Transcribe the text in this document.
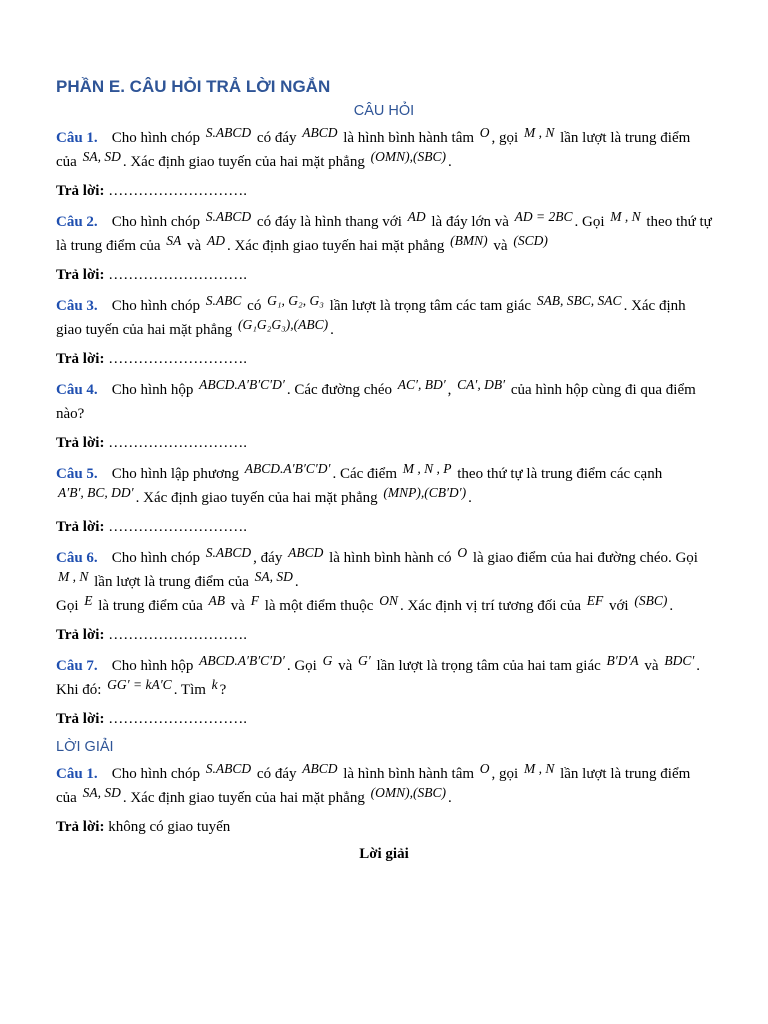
PHẦN E. CÂU HỎI TRẢ LỜI NGẮN

CÂU HỎI

Câu 1. Cho hình chóp S.ABCD có đáy ABCD là hình bình hành tâm O , gọi M , N lần lượt là trung điểm của SA, SD . Xác định giao tuyến của hai mặt phẳng (OMN),(SBC) .

Trả lời: ……………………….

Câu 2. Cho hình chóp S.ABCD có đáy là hình thang với AD là đáy lớn và AD = 2BC . Gọi M , N theo thứ tự là trung điểm của SA và AD . Xác định giao tuyến hai mặt phẳng (BMN) và (SCD)

Trả lời: ……………………….

Câu 3. Cho hình chóp S.ABC có G₁, G₂, G₃ lần lượt là trọng tâm các tam giác SAB, SBC, SAC . Xác định giao tuyến của hai mặt phẳng (G₁G₂G₃),(ABC) .

Trả lời: ……………………….

Câu 4. Cho hình hộp ABCD.A′B′C′D′ . Các đường chéo AC′, BD′ , CA′, DB′ của hình hộp cùng đi qua điểm nào?

Trả lời: ……………………….

Câu 5. Cho hình lập phương ABCD.A′B′C′D′ . Các điểm M , N , P theo thứ tự là trung điểm các cạnh A′B′, BC, DD′ . Xác định giao tuyến của hai mặt phẳng (MNP),(CB′D′) .

Trả lời: ……………………….

Câu 6. Cho hình chóp S.ABCD , đáy ABCD là hình bình hành có O là giao điểm của hai đường chéo. Gọi M , N lần lượt là trung điểm của SA, SD .
Gọi E là trung điểm của AB và F là một điểm thuộc ON . Xác định vị trí tương đối của EF với (SBC) .

Trả lời: ……………………….

Câu 7. Cho hình hộp ABCD.A′B′C′D′ . Gọi G và G′ lần lượt là trọng tâm của hai tam giác B′D′A và BDC′ . Khi đó: GG′ = kA′C . Tìm k ?

Trả lời: ……………………….

LỜI GIẢI

Câu 1. Cho hình chóp S.ABCD có đáy ABCD là hình bình hành tâm O , gọi M , N lần lượt là trung điểm của SA, SD . Xác định giao tuyến của hai mặt phẳng (OMN),(SBC) .

Trả lời: không có giao tuyến

Lời giải
